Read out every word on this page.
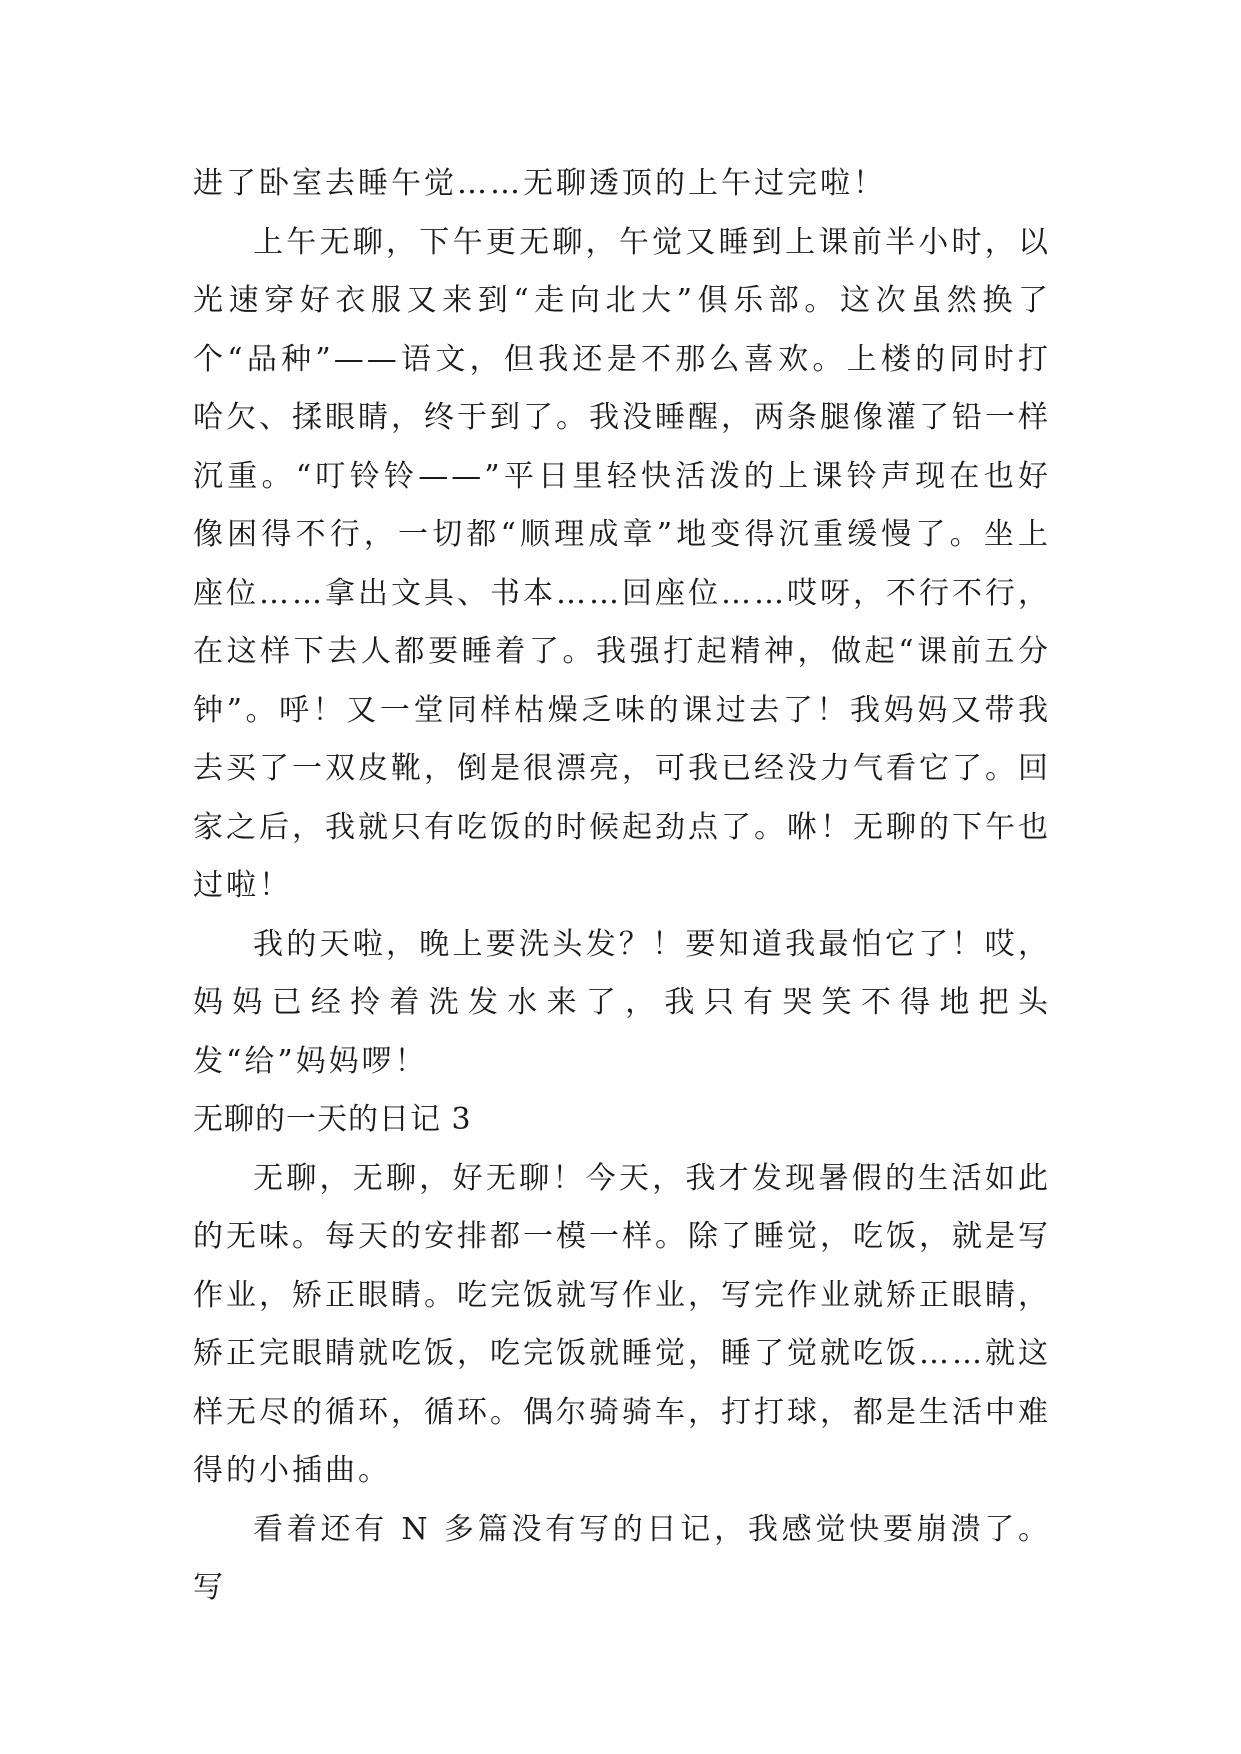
进了卧室去睡午觉……无聊透顶的上午过完啦！

上午无聊，下午更无聊，午觉又睡到上课前半小时，以光速穿好衣服又来到“走向北大”俱乐部。这次虽然换了个“品种”——语文，但我还是不那么喜欢。上楼的同时打哈欠、揉眼睛，终于到了。我没睡醒，两条腿像灌了铅一样沉重。“叮铃铃——”平日里轻快活泼的上课铃声现在也好像困得不行，一切都“顺理成章”地变得沉重缓慢了。坐上座位……拿出文具、书本……回座位……哎呀，不行不行，在这样下去人都要睡着了。我强打起精神，做起“课前五分钟”。呼！又一堂同样枯燥乏味的课过去了！我妈妈又带我去买了一双皮靴，倒是很漂亮，可我已经没力气看它了。回家之后，我就只有吃饭的时候起劲点了。咻！无聊的下午也过啦！

我的天啦，晚上要洗头发？！要知道我最怕它了！哎，妈妈已经拎着洗发水来了，我只有哭笑不得地把头发“给”妈妈啰！

无聊的一天的日记 3

无聊，无聊，好无聊！今天，我才发现暑假的生活如此的无味。每天的安排都一模一样。除了睡觉，吃饭，就是写作业，矫正眼睛。吃完饭就写作业，写完作业就矫正眼睛，矫正完眼睛就吃饭，吃完饭就睡觉，睡了觉就吃饭……就这样无尽的循环，循环。偶尔骑骑车，打打球，都是生活中难得的小插曲。

看着还有 N 多篇没有写的日记，我感觉快要崩溃了。写
